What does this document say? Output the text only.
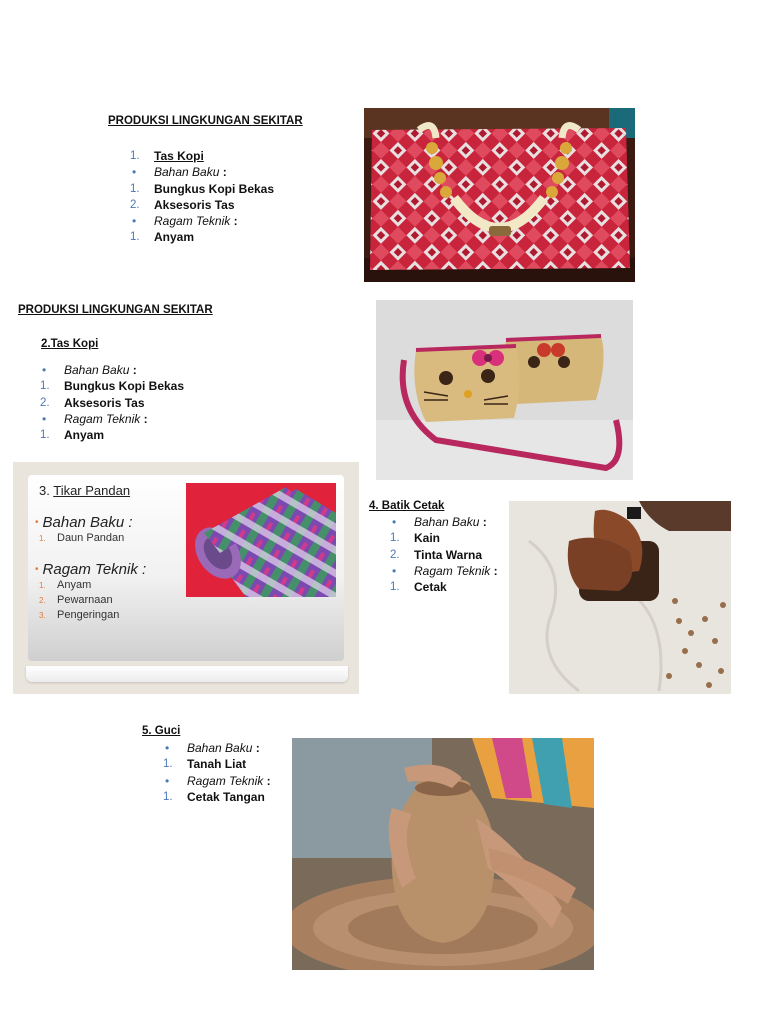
PRODUKSI LINGKUNGAN SEKITAR
1.	Tas Kopi
•	Bahan Baku :
1.	Bungkus Kopi Bekas
2.	Aksesoris Tas
•	Ragam Teknik :
1.	Anyam
PRODUKSI LINGKUNGAN SEKITAR
2.Tas Kopi
•	Bahan Baku :
1.	Bungkus Kopi Bekas
2.	Aksesoris Tas
•	Ragam Teknik :
1.	Anyam
3. Tikar Pandan
• Bahan Baku :
1. Daun Pandan
• Ragam Teknik :
1. Anyam
2. Pewarnaan
3. Pengeringan
4. Batik Cetak
•	Bahan Baku :
1.	Kain
2.	Tinta Warna
•	Ragam Teknik :
1.	Cetak
5. Guci
•	Bahan Baku :
1.	Tanah Liat
•	Ragam Teknik :
1.	Cetak Tangan
